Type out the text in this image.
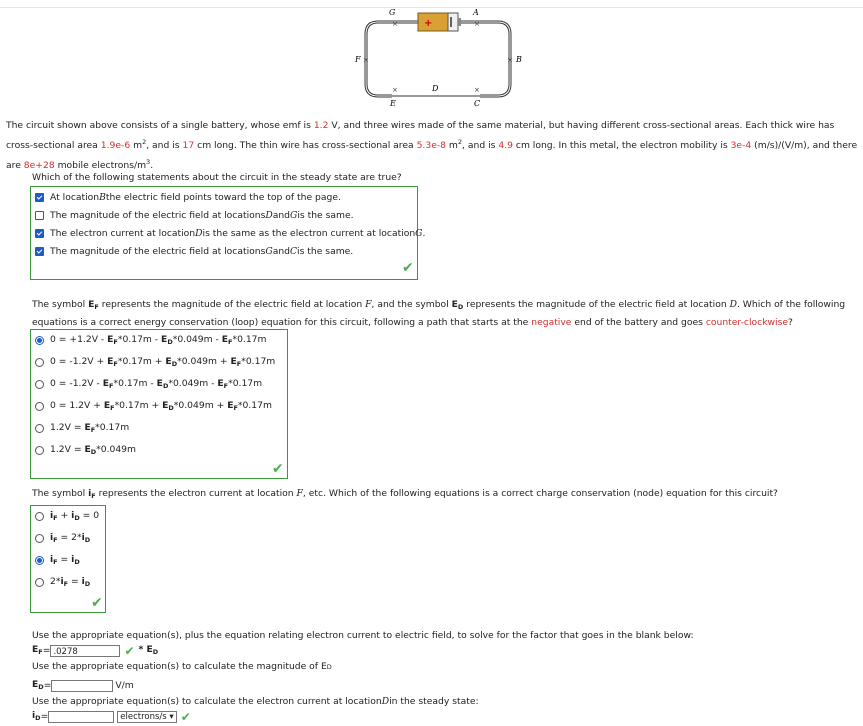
+
×	×
×	×
×	×
G	A
F	B
D
E	C
The circuit shown above consists of a single battery, whose emf is 1.2 V, and three wires made of the same material, but having different cross-sectional areas. Each thick wire has cross-sectional area 1.9e-6 $m^2$, and is 17 cm long. The thin wire has cross-sectional area 5.3e-8 $m^2$, and is 4.9 cm long. In this metal, the electron mobility is 3e-4 (m/s)/(V/m), and there are 8e+28 mobile electrons/$m^3$.
Which of the following statements about the circuit in the steady state are true?
At location B the electric field points toward the top of the page.
The magnitude of the electric field at locations D and G is the same.
The electron current at location D is the same as the electron current at location G .
The magnitude of the electric field at locations G and C is the same.
✔
The symbol $E_F$ represents the magnitude of the electric field at location F, and the symbol $E_D$ represents the magnitude of the electric field at location D. Which of the following
equations is a correct energy conservation (loop) equation for this circuit, following a path that starts at the negative end of the battery and goes counter-clockwise?
$0 = +1.2V - E_F*0.17m - E_D*0.049m - E_F*0.17m$
$0 = -1.2V + E_F*0.17m + E_D*0.049m + E_F*0.17m$
$0 = -1.2V - E_F*0.17m - E_D*0.049m - E_F*0.17m$
$0 = 1.2V + E_F*0.17m + E_D*0.049m + E_F*0.17m$
$1.2V = E_F*0.17m$
$1.2V = E_D*0.049m$
✔
The symbol $i_F$ represents the electron current at location F, etc. Which of the following equations is a correct charge conservation (node) equation for this circuit?
$i_F + i_D = 0$
$i_F = 2*i_D$
$i_F = i_D$
$2*i_F = i_D$
✔
Use the appropriate equation(s), plus the equation relating electron current to electric field, to solve for the factor that goes in the blank below:
$E_F = .0278$	✔ * $E_D$
Use the appropriate equation(s) to calculate the magnitude of E D
$E_D$ =	V/m
Use the appropriate equation(s) to calculate the electron current at location D in the steady state:
$i_D$ =	electrons/s ▾ ✔
